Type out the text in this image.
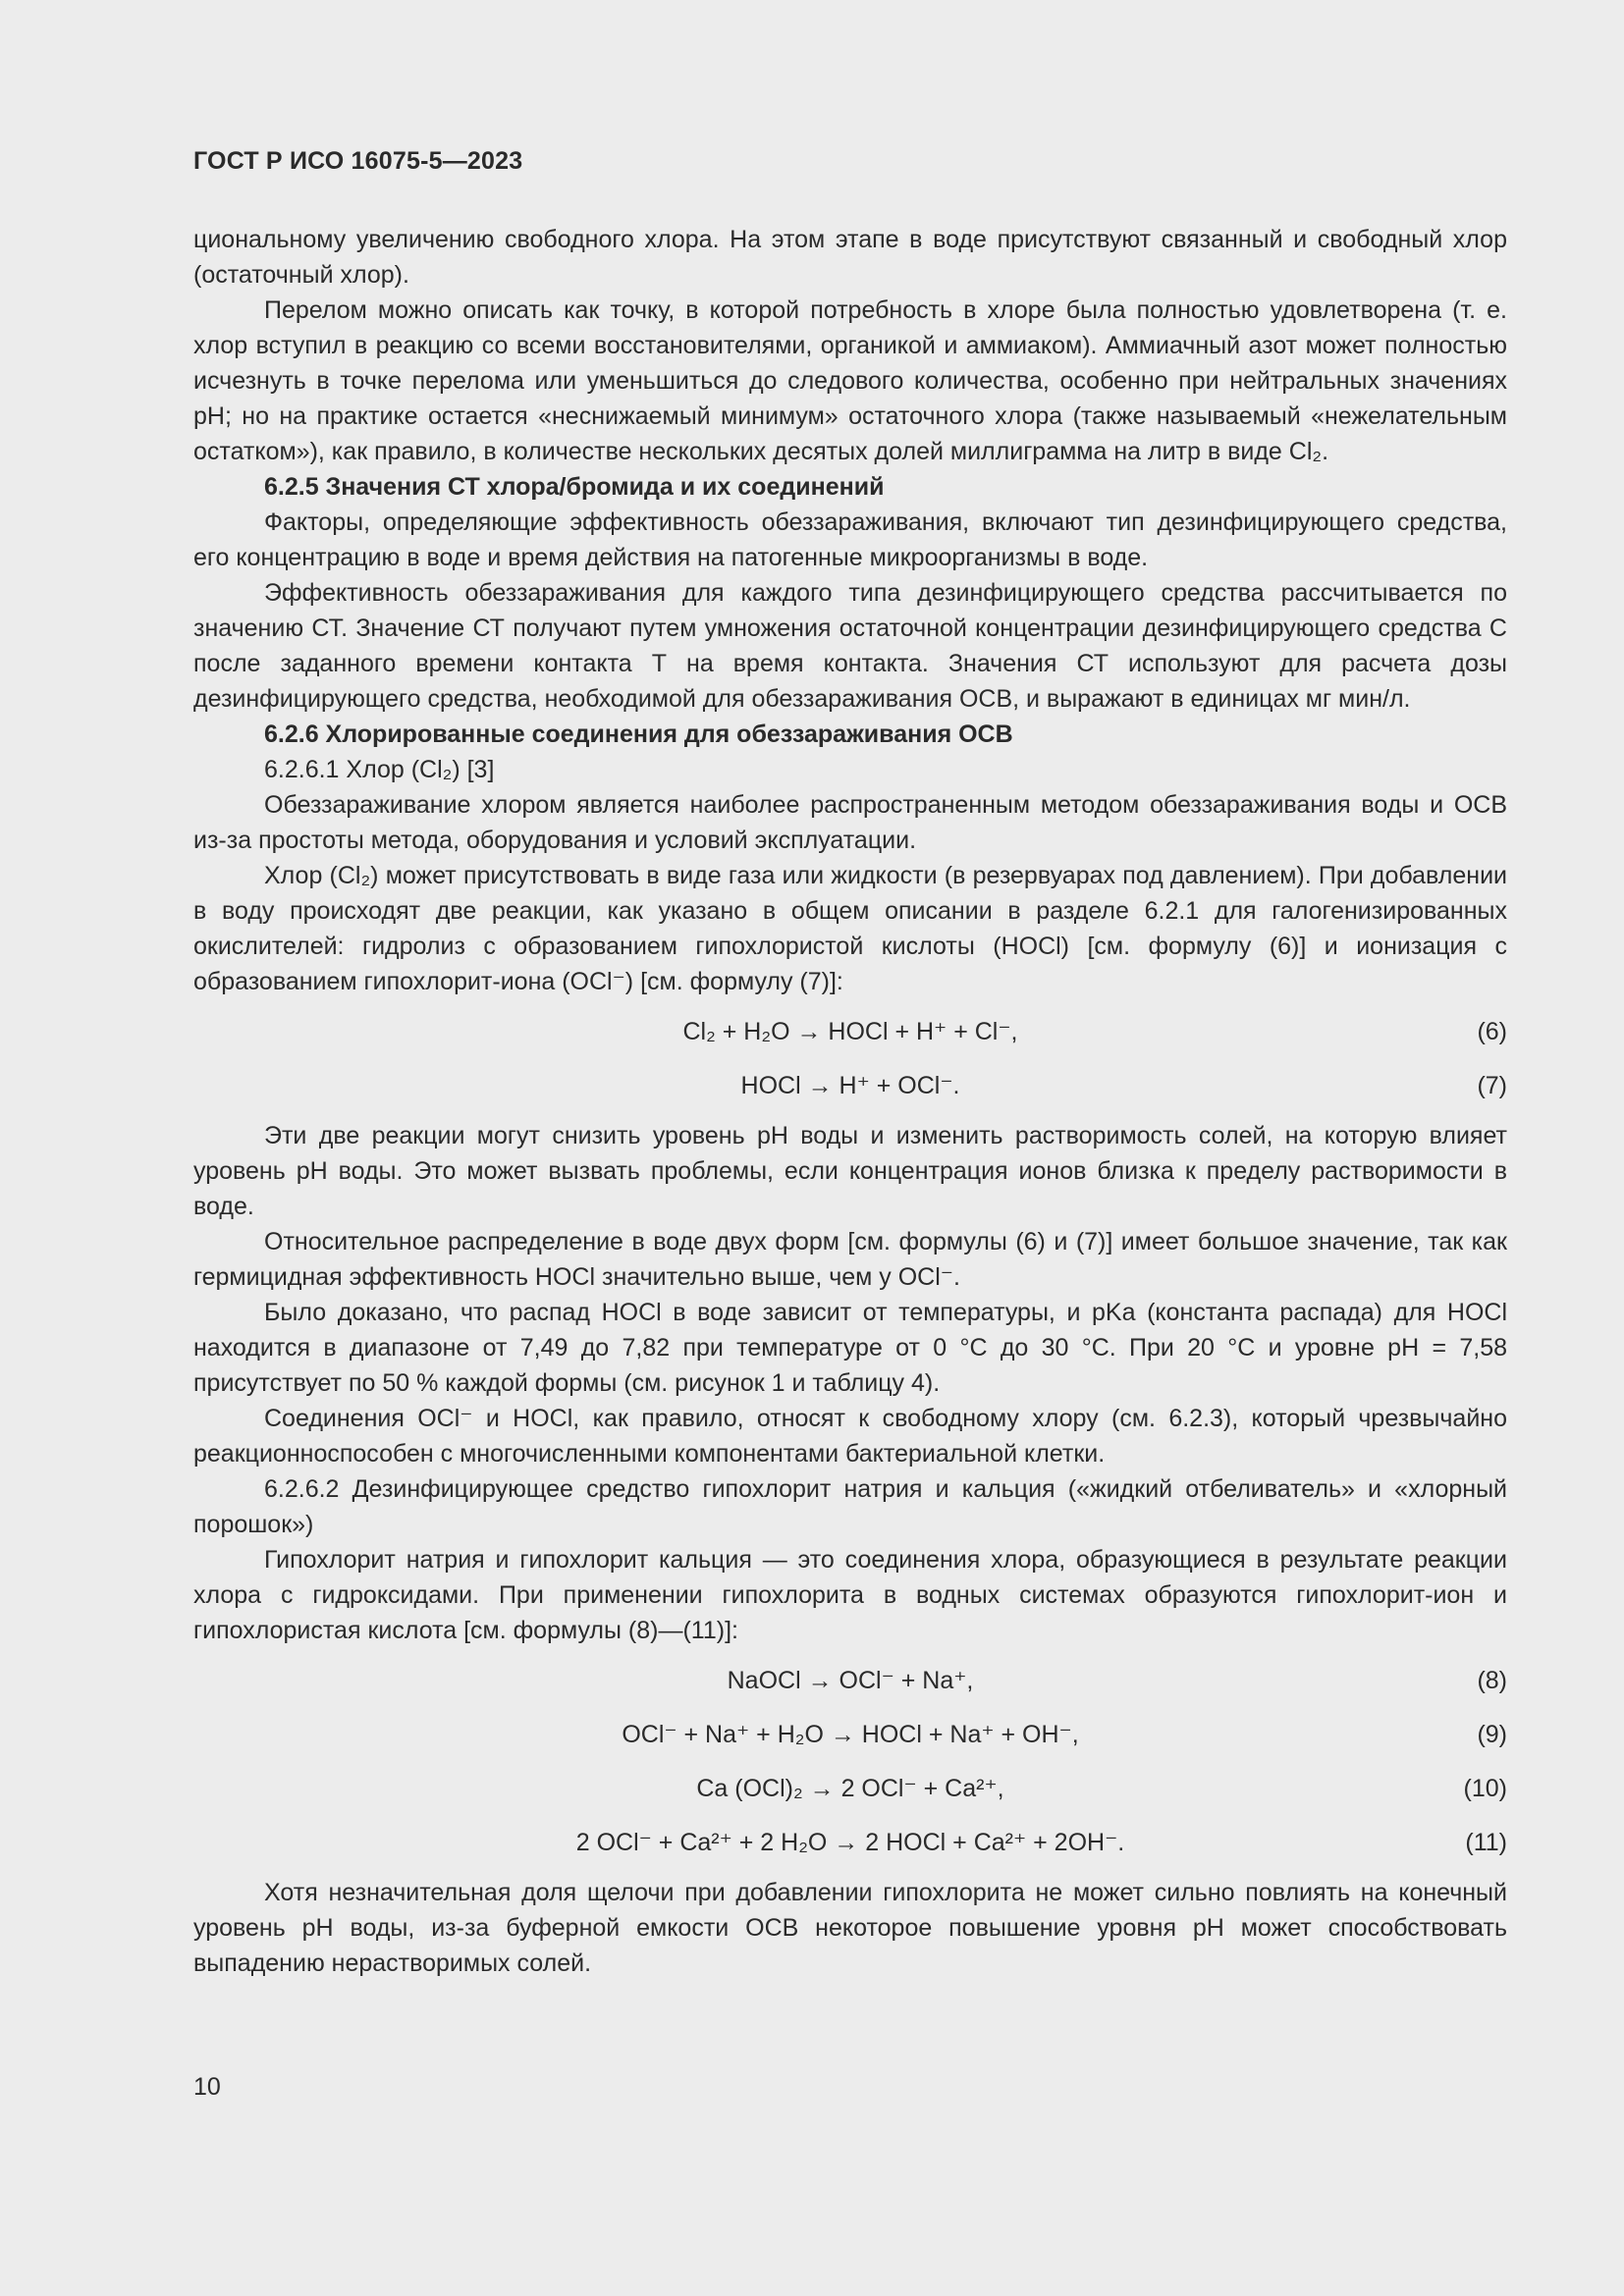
ГОСТ Р ИСО 16075-5—2023

циональному увеличению свободного хлора. На этом этапе в воде присутствуют связанный и свободный хлор (остаточный хлор).

Перелом можно описать как точку, в которой потребность в хлоре была полностью удовлетворена (т. е. хлор вступил в реакцию со всеми восстановителями, органикой и аммиаком). Аммиачный азот может полностью исчезнуть в точке перелома или уменьшиться до следового количества, особенно при нейтральных значениях pH; но на практике остается «неснижаемый минимум» остаточного хлора (также называемый «нежелательным остатком»), как правило, в количестве нескольких десятых долей миллиграмма на литр в виде Cl₂.

6.2.5 Значения СТ хлора/бромида и их соединений

Факторы, определяющие эффективность обеззараживания, включают тип дезинфицирующего средства, его концентрацию в воде и время действия на патогенные микроорганизмы в воде.

Эффективность обеззараживания для каждого типа дезинфицирующего средства рассчитывается по значению СТ. Значение СТ получают путем умножения остаточной концентрации дезинфицирующего средства С после заданного времени контакта Т на время контакта. Значения СТ используют для расчета дозы дезинфицирующего средства, необходимой для обеззараживания ОСВ, и выражают в единицах мг мин/л.

6.2.6 Хлорированные соединения для обеззараживания ОСВ

6.2.6.1 Хлор (Cl₂) [3]

Обеззараживание хлором является наиболее распространенным методом обеззараживания воды и ОСВ из-за простоты метода, оборудования и условий эксплуатации.

Хлор (Cl₂) может присутствовать в виде газа или жидкости (в резервуарах под давлением). При добавлении в воду происходят две реакции, как указано в общем описании в разделе 6.2.1 для галогенизированных окислителей: гидролиз с образованием гипохлористой кислоты (HOCl) [см. формулу (6)] и ионизация с образованием гипохлорит-иона (OCl⁻) [см. формулу (7)]:

Cl₂ + H₂O → HOCl + H⁺ + Cl⁻,	(6)
HOCl → H⁺ + OCl⁻.	(7)

Эти две реакции могут снизить уровень pH воды и изменить растворимость солей, на которую влияет уровень pH воды. Это может вызвать проблемы, если концентрация ионов близка к пределу растворимости в воде.

Относительное распределение в воде двух форм [см. формулы (6) и (7)] имеет большое значение, так как гермицидная эффективность HOCl значительно выше, чем у OCl⁻.

Было доказано, что распад HOCl в воде зависит от температуры, и pKa (константа распада) для HOCl находится в диапазоне от 7,49 до 7,82 при температуре от 0 °С до 30 °С. При 20 °С и уровне pH = 7,58 присутствует по 50 % каждой формы (см. рисунок 1 и таблицу 4).

Соединения OCl⁻ и HOCl, как правило, относят к свободному хлору (см. 6.2.3), который чрезвычайно реакционноспособен с многочисленными компонентами бактериальной клетки.

6.2.6.2 Дезинфицирующее средство гипохлорит натрия и кальция («жидкий отбеливатель» и «хлорный порошок»)

Гипохлорит натрия и гипохлорит кальция — это соединения хлора, образующиеся в результате реакции хлора с гидроксидами. При применении гипохлорита в водных системах образуются гипохлорит-ион и гипохлористая кислота [см. формулы (8)—(11)]:

NaOCl → OCl⁻ + Na⁺,	(8)
OCl⁻ + Na⁺ + H₂O → HOCl + Na⁺ + OH⁻,	(9)
Ca (OCl)₂ → 2 OCl⁻ + Ca²⁺,	(10)
2 OCl⁻ + Ca²⁺ + 2 H₂O → 2 HOCl + Ca²⁺ + 2OH⁻.	(11)

Хотя незначительная доля щелочи при добавлении гипохлорита не может сильно повлиять на конечный уровень pH воды, из-за буферной емкости ОСВ некоторое повышение уровня pH может способствовать выпадению нерастворимых солей.

10
